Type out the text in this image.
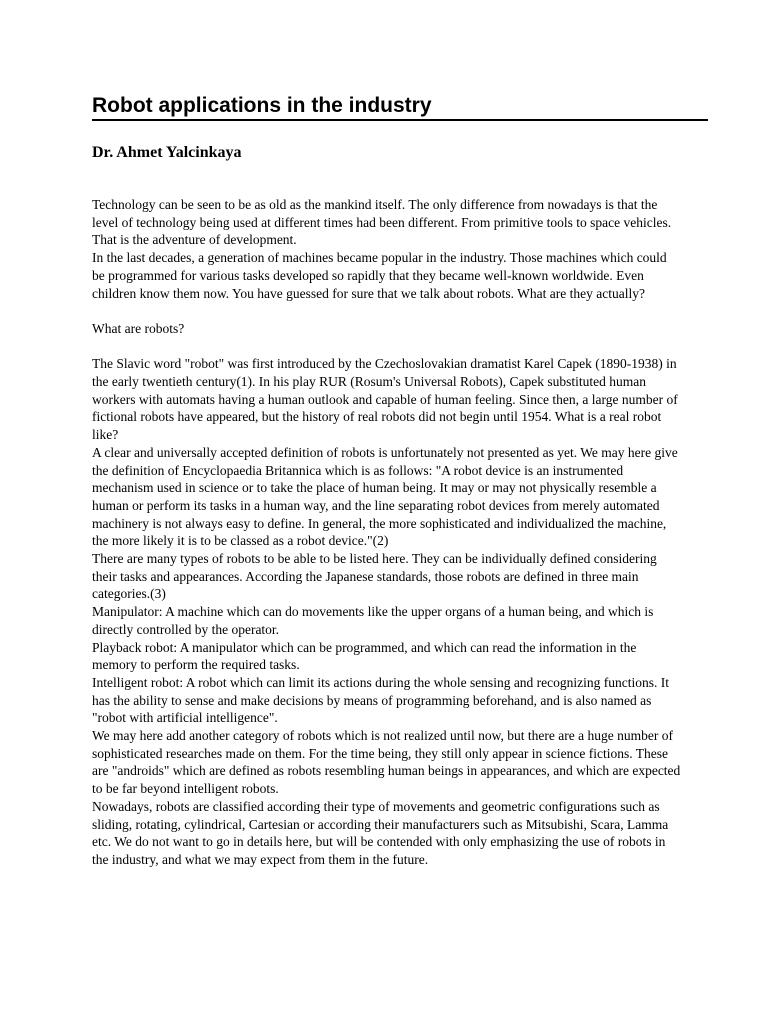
Robot applications in the industry

Dr. Ahmet Yalcinkaya

Technology can be seen to be as old as the mankind itself. The only difference from nowadays is that the level of technology being used at different times had been different. From primitive tools to space vehicles. That is the adventure of development.

In the last decades, a generation of machines became popular in the industry. Those machines which could be programmed for various tasks developed so rapidly that they became well-known worldwide. Even children know them now. You have guessed for sure that we talk about robots. What are they actually?

What are robots?

The Slavic word "robot" was first introduced by the Czechoslovakian dramatist Karel Capek (1890-1938) in the early twentieth century(1). In his play RUR (Rosum's Universal Robots), Capek substituted human workers with automats having a human outlook and capable of human feeling. Since then, a large number of fictional robots have appeared, but the history of real robots did not begin until 1954. What is a real robot like?

A clear and universally accepted definition of robots is unfortunately not presented as yet. We may here give the definition of Encyclopaedia Britannica which is as follows: "A robot device is an instrumented mechanism used in science or to take the place of human being. It may or may not physically resemble a human or perform its tasks in a human way, and the line separating robot devices from merely automated machinery is not always easy to define. In general, the more sophisticated and individualized the machine, the more likely it is to be classed as a robot device."(2)

There are many types of robots to be able to be listed here. They can be individually defined considering their tasks and appearances. According the Japanese standards, those robots are defined in three main categories.(3)

Manipulator: A machine which can do movements like the upper organs of a human being, and which is directly controlled by the operator.

Playback robot: A manipulator which can be programmed, and which can read the information in the memory to perform the required tasks.

Intelligent robot: A robot which can limit its actions during the whole sensing and recognizing functions. It has the ability to sense and make decisions by means of programming beforehand, and is also named as "robot with artificial intelligence".

We may here add another category of robots which is not realized until now, but there are a huge number of sophisticated researches made on them. For the time being, they still only appear in science fictions. These are "androids" which are defined as robots resembling human beings in appearances, and which are expected to be far beyond intelligent robots.

Nowadays, robots are classified according their type of movements and geometric configurations such as sliding, rotating, cylindrical, Cartesian or according their manufacturers such as Mitsubishi, Scara, Lamma etc. We do not want to go in details here, but will be contended with only emphasizing the use of robots in the industry, and what we may expect from them in the future.
